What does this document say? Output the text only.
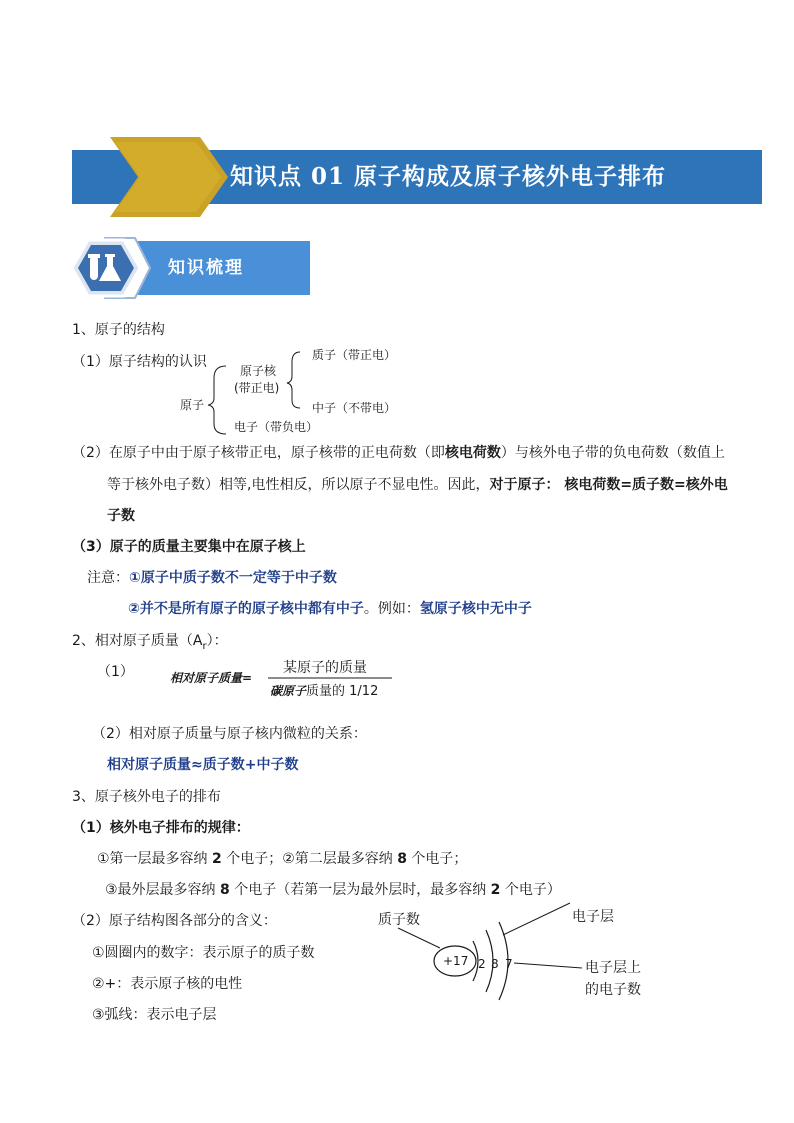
知识点 01 原子构成及原子核外电子排布
知识梳理
1、原子的结构
（1）原子结构的认识
原子
原子核
(带正电)
电子（带负电）
质子（带正电）
中子（不带电）
（2）在原子中由于原子核带正电，原子核带的正电荷数（即核电荷数）与核外电子带的负电荷数（数值上
等于核外电子数）相等,电性相反，所以原子不显电性。因此，对于原子： 核电荷数=质子数=核外电
子数
（3）原子的质量主要集中在原子核上
注意：①原子中质子数不一定等于中子数
②并不是所有原子的原子核中都有中子。例如：氢原子核中无中子
2、相对原子质量$(A_r)$：
（1）	相对原子质量=
某原子的质量
碳原子质量的 1/12
（2）相对原子质量与原子核内微粒的关系：
相对原子质量≈质子数+中子数
3、原子核外电子的排布
（1）核外电子排布的规律：
①第一层最多容纳 2 个电子；②第二层最多容纳 8 个电子；
③最外层最多容纳 8 个电子（若第一层为最外层时，最多容纳 2 个电子）
（2）原子结构图各部分的含义：
①圆圈内的数字：表示原子的质子数
②+：表示原子核的电性
③弧线：表示电子层
+17 2 8 7
质子数	电子层
电子层上
的电子数
